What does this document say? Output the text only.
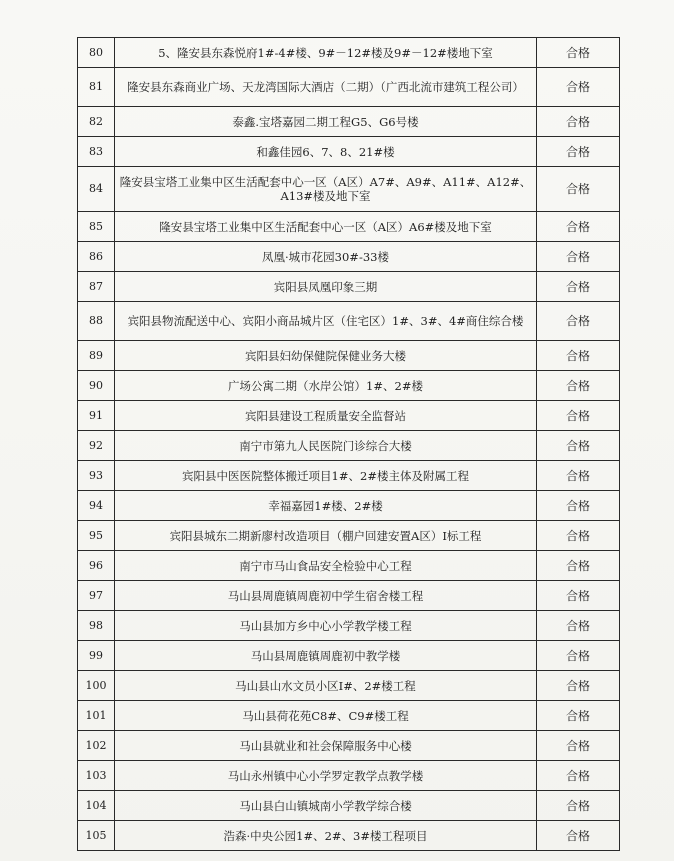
80	5、隆安县东森悦府1#-4#楼、9#－12#楼及9#－12#楼地下室	合格
81	隆安县东森商业广场、天龙湾国际大酒店（二期）（广西北流市建筑工程公司）	合格
82	泰鑫.宝塔嘉园二期工程G5、G6号楼	合格
83	和鑫佳园6、7、8、21#楼	合格
84	隆安县宝塔工业集中区生活配套中心一区（A区）A7#、A9#、A11#、A12#、A13#楼及地下室	合格
85	隆安县宝塔工业集中区生活配套中心一区（A区）A6#楼及地下室	合格
86	凤凰·城市花园30#-33楼	合格
87	宾阳县凤凰印象三期	合格
88	宾阳县物流配送中心、宾阳小商品城片区（住宅区）1#、3#、4#商住综合楼	合格
89	宾阳县妇幼保健院保健业务大楼	合格
90	广场公寓二期（水岸公馆）1#、2#楼	合格
91	宾阳县建设工程质量安全监督站	合格
92	南宁市第九人民医院门诊综合大楼	合格
93	宾阳县中医医院整体搬迁项目1#、2#楼主体及附属工程	合格
94	幸福嘉园1#楼、2#楼	合格
95	宾阳县城东二期新廖村改造项目（棚户回建安置A区）I标工程	合格
96	南宁市马山食品安全检验中心工程	合格
97	马山县周鹿镇周鹿初中学生宿舍楼工程	合格
98	马山县加方乡中心小学教学楼工程	合格
99	马山县周鹿镇周鹿初中教学楼	合格
100	马山县山水文员小区I#、2#楼工程	合格
101	马山县荷花苑C8#、C9#楼工程	合格
102	马山县就业和社会保障服务中心楼	合格
103	马山永州镇中心小学罗定教学点教学楼	合格
104	马山县白山镇城南小学教学综合楼	合格
105	浩森·中央公园1#、2#、3#楼工程项目	合格
